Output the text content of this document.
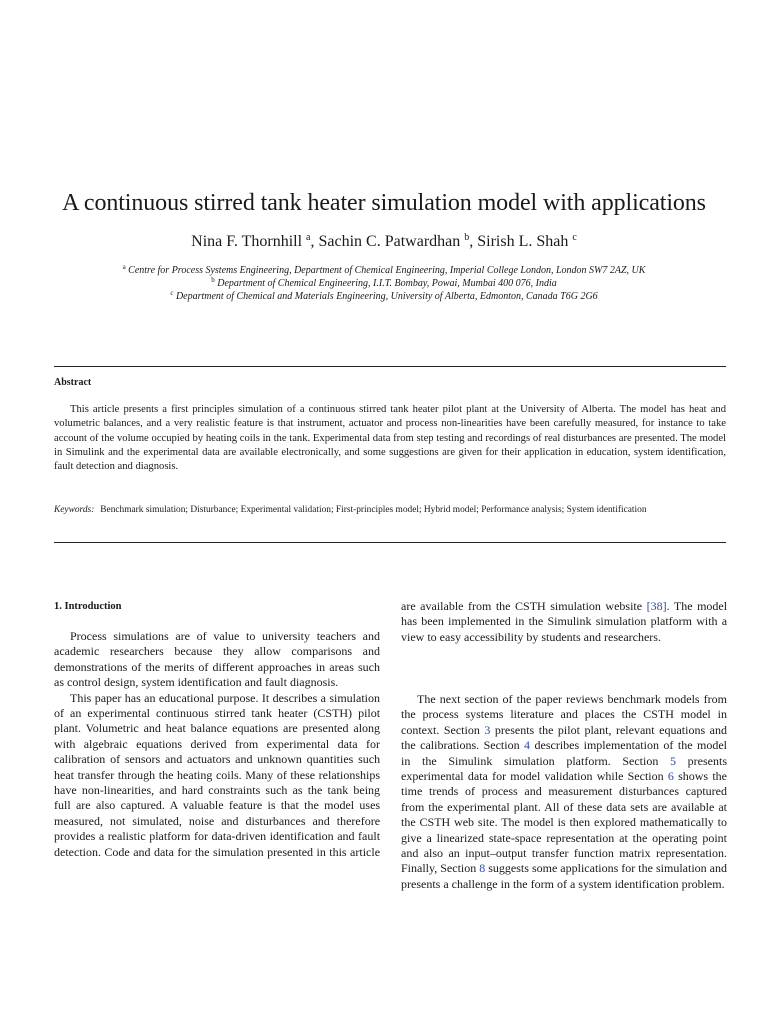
A continuous stirred tank heater simulation model with applications
Nina F. Thornhill $^a$, Sachin C. Patwardhan $^b$, Sirish L. Shah $^c$
$^a$ Centre for Process Systems Engineering, Department of Chemical Engineering, Imperial College London, London SW7 2AZ, UK
$^b$ Department of Chemical Engineering, I.I.T. Bombay, Powai, Mumbai 400 076, India
$^c$ Department of Chemical and Materials Engineering, University of Alberta, Edmonton, Canada T6G 2G6
Abstract

This article presents a first principles simulation of a continuous stirred tank heater pilot plant at the University of Alberta. The model has heat and volumetric balances, and a very realistic feature is that instrument, actuator and process non-linearities have been carefully measured, for instance to take account of the volume occupied by heating coils in the tank. Experimental data from step testing and recordings of real disturbances are presented. The model in Simulink and the experimental data are available electronically, and some suggestions are given for their application in education, system identification, fault detection and diagnosis.

Keywords: Benchmark simulation; Disturbance; Experimental validation; First-principles model; Hybrid model; Performance analysis; System identification

1. Introduction

Process simulations are of value to university teachers and academic researchers because they allow comparisons and demonstrations of the merits of different approaches in areas such as control design, system identification and fault diagnosis.

This paper has an educational purpose. It describes a simulation of an experimental continuous stirred tank heater (CSTH) pilot plant. Volumetric and heat balance equations are presented along with algebraic equations derived from experimental data for calibration of sensors and actuators and unknown quantities such heat transfer through the heating coils. Many of these relationships have non-linearities, and hard constraints such as the tank being full are also captured. A valuable feature is that the model uses measured, not simulated, noise and disturbances and therefore provides a realistic platform for data-driven identification and fault detection. Code and data for the simulation presented in this article

are available from the CSTH simulation website [38]. The model has been implemented in the Simulink simulation platform with a view to easy accessibility by students and researchers.

The next section of the paper reviews benchmark models from the process systems literature and places the CSTH model in context. Section 3 presents the pilot plant, relevant equations and the calibrations. Section 4 describes implementation of the model in the Simulink simulation platform. Section 5 presents experimental data for model validation while Section 6 shows the time trends of process and measurement disturbances captured from the experimental plant. All of these data sets are available at the CSTH web site. The model is then explored mathematically to give a linearized state-space representation at the operating point and also an input–output transfer function matrix representation. Finally, Section 8 suggests some applications for the simulation and presents a challenge in the form of a system identification problem.
